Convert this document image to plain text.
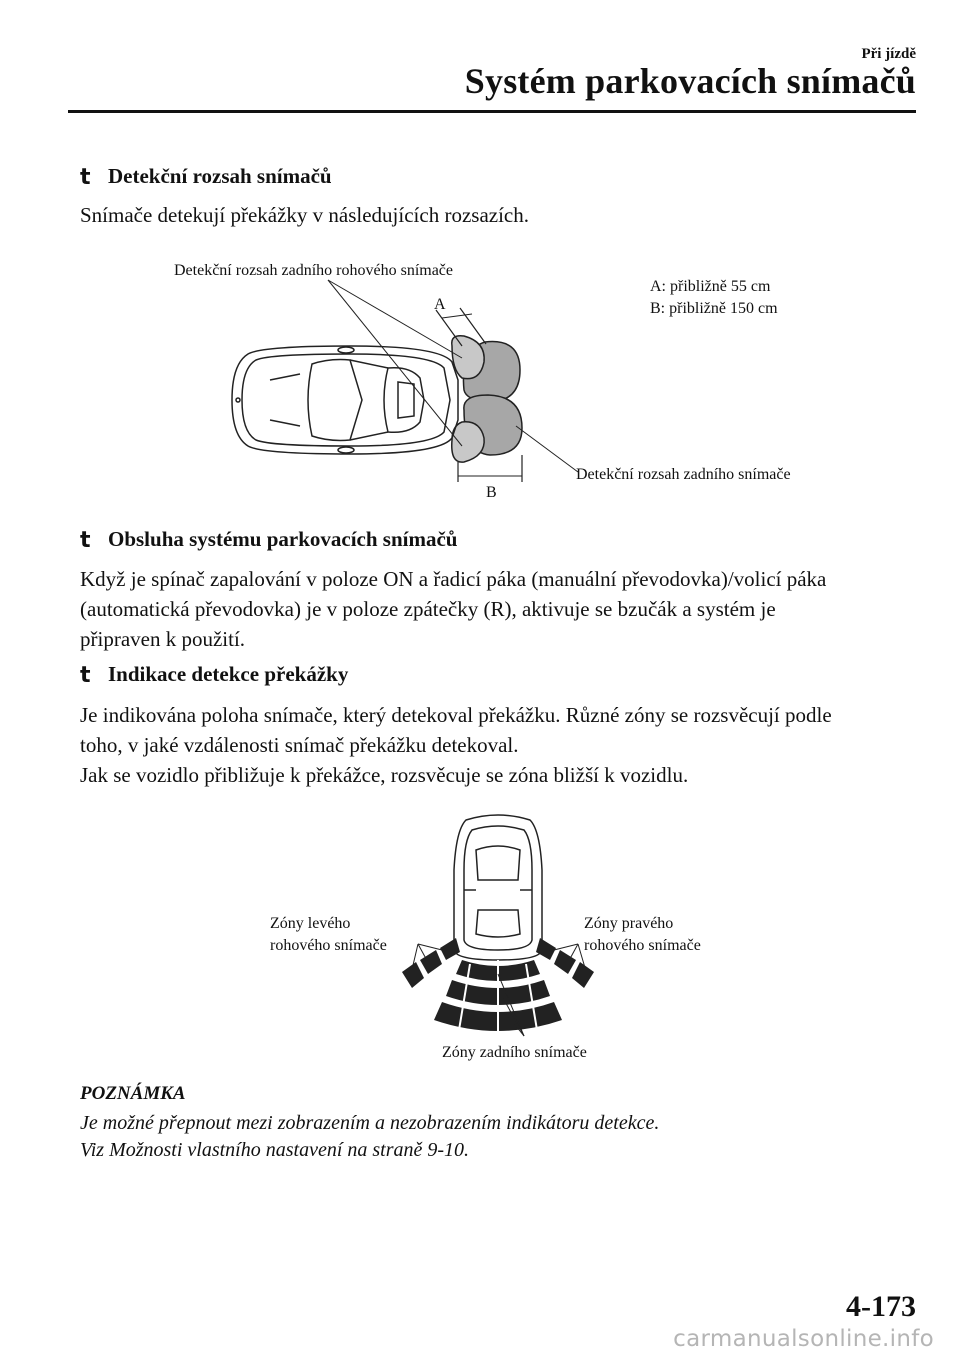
Při jízdě
Systém parkovacích snímačů
t Detekční rozsah snímačů
Snímače detekují překážky v následujících rozsazích.
Detekční rozsah zadního rohového snímače
A
B
A: přibližně 55 cm
B: přibližně 150 cm
Detekční rozsah zadního snímače
t Obsluha systému parkovacích snímačů
Když je spínač zapalování v poloze ON a řadicí páka (manuální převodovka)/volicí páka
(automatická převodovka) je v poloze zpátečky (R), aktivuje se bzučák a systém je
připraven k použití.
t Indikace detekce překážky
Je indikována poloha snímače, který detekoval překážku. Různé zóny se rozsvěcují podle
toho, v jaké vzdálenosti snímač překážku detekoval.
Jak se vozidlo přibližuje k překážce, rozsvěcuje se zóna bližší k vozidlu.
Zóny levého
rohového snímače
Zóny pravého
rohového snímače
Zóny zadního snímače
POZNÁMKA
Je možné přepnout mezi zobrazením a nezobrazením indikátoru detekce.
Viz Možnosti vlastního nastavení na straně 9-10.
4-173
carmanualsonline.info
